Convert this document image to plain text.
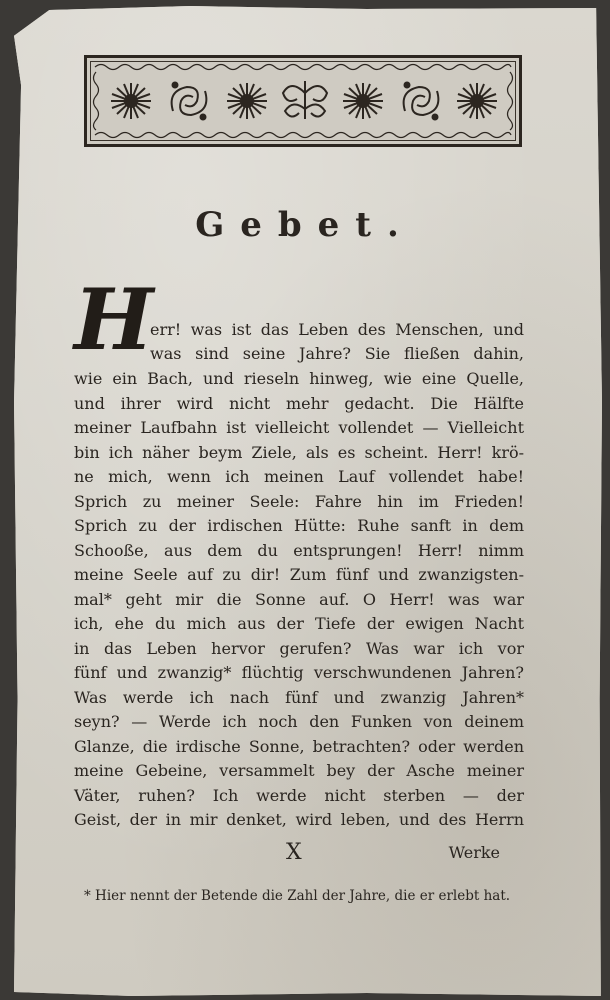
Gebet.
H

err! was ist das Leben des Menschen, und

was sind seine Jahre? Sie fließen dahin,

wie ein Bach, und rieseln hinweg, wie eine Quelle,

und ihrer wird nicht mehr gedacht. Die Hälfte

meiner Laufbahn ist vielleicht vollendet — Vielleicht

bin ich näher beym Ziele, als es scheint. Herr! krö-

ne mich, wenn ich meinen Lauf vollendet habe!

Sprich zu meiner Seele: Fahre hin im Frieden!

Sprich zu der irdischen Hütte: Ruhe sanft in dem

Schooße, aus dem du entsprungen! Herr! nimm

meine Seele auf zu dir! Zum fünf und zwanzigsten-

mal* geht mir die Sonne auf. O Herr! was war

ich, ehe du mich aus der Tiefe der ewigen Nacht

in das Leben hervor gerufen? Was war ich vor

fünf und zwanzig* flüchtig verschwundenen Jahren?

Was werde ich nach fünf und zwanzig Jahren*

seyn? — Werde ich noch den Funken von deinem

Glanze, die irdische Sonne, betrachten? oder werden

meine Gebeine, versammelt bey der Asche meiner

Väter, ruhen? Ich werde nicht sterben — der

Geist, der in mir denket, wird leben, und des Herrn

X	Werke

* Hier nennt der Betende die Zahl der Jahre, die er erlebt hat.
